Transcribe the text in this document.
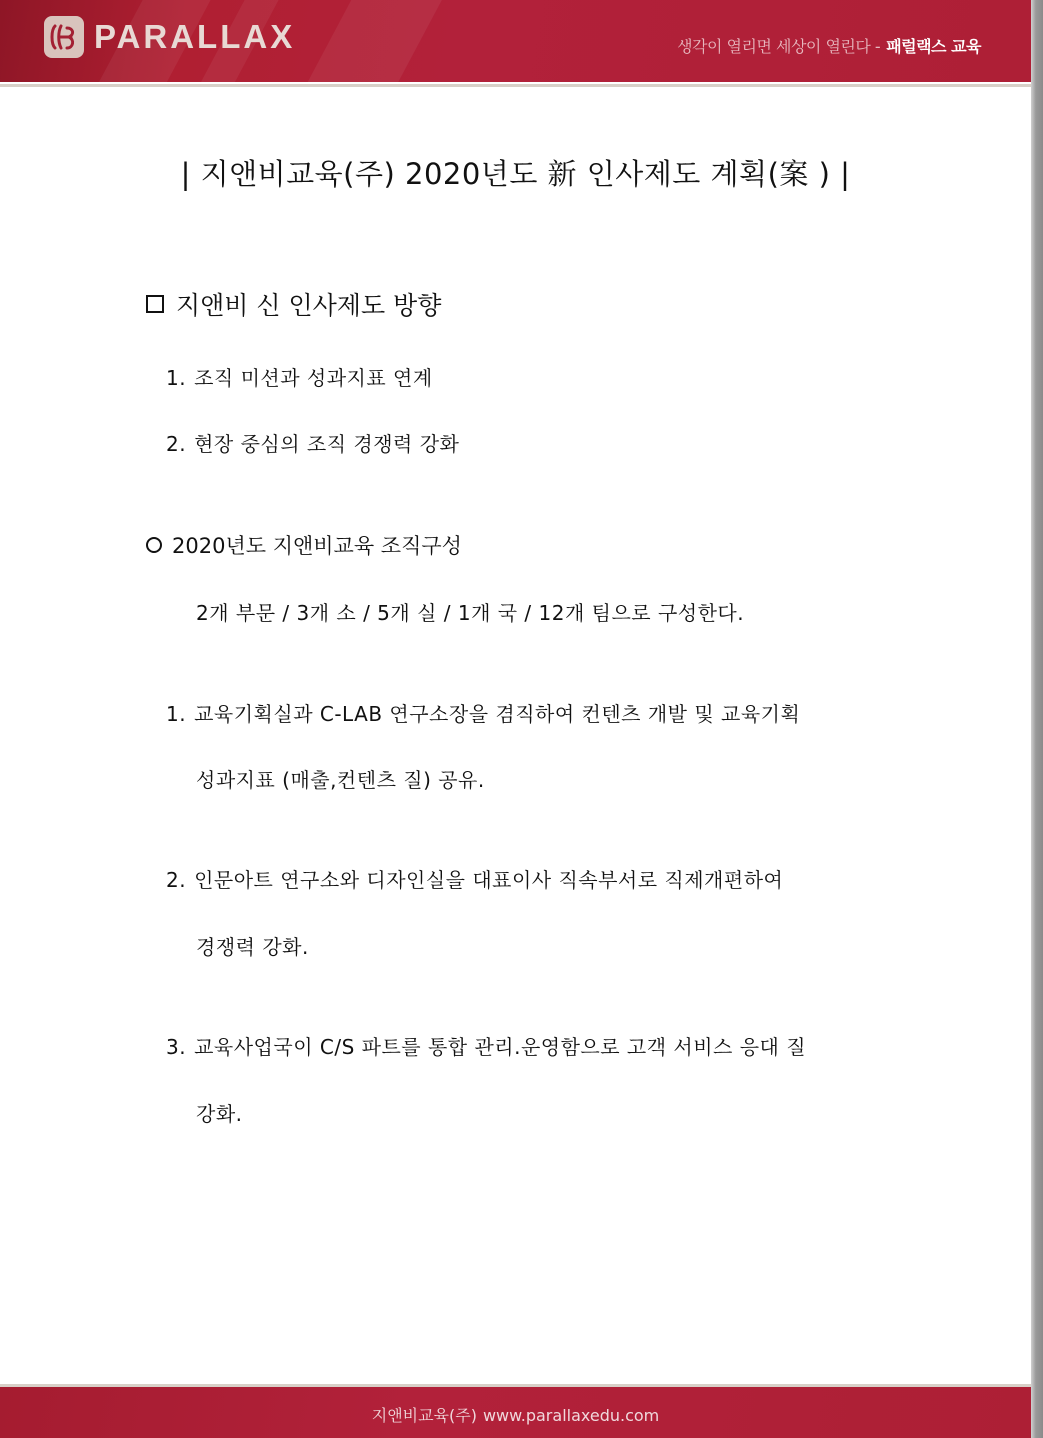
PARALLAX	생각이 열리면 세상이 열린다 - 패럴랙스 교육
| 지앤비교육(주) 2020년도 新 인사제도 계획(案 ) |
지앤비 신 인사제도 방향
1. 조직 미션과 성과지표 연계
2. 현장 중심의 조직 경쟁력 강화
2020년도 지앤비교육 조직구성
2개 부문 / 3개 소 / 5개 실 / 1개 국 / 12개 팀으로 구성한다.
1. 교육기획실과 C-LAB 연구소장을 겸직하여 컨텐츠 개발 및 교육기획
성과지표 (매출,컨텐츠 질) 공유.
2. 인문아트 연구소와 디자인실을 대표이사 직속부서로 직제개편하여
경쟁력 강화.
3. 교육사업국이 C/S 파트를 통합 관리.운영함으로 고객 서비스 응대 질
강화.
지앤비교육(주) www.parallaxedu.com
